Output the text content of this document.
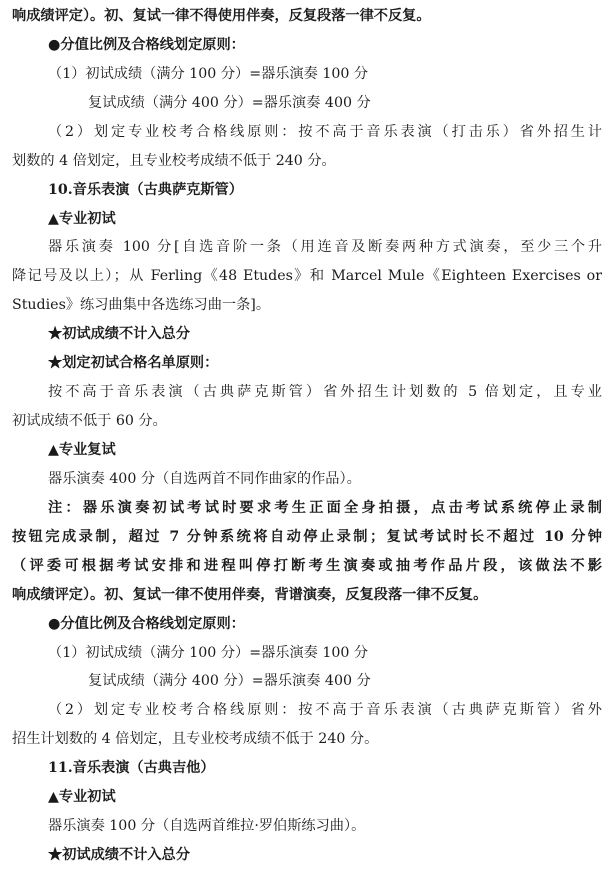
响成绩评定）。初、复试一律不得使用伴奏，反复段落一律不反复。
●分值比例及合格线划定原则：
（1）初试成绩（满分 100 分）=器乐演奏 100 分
复试成绩（满分 400 分）=器乐演奏 400 分
（2）划定专业校考合格线原则：按不高于音乐表演（打击乐）省外招生计
划数的 4 倍划定，且专业校考成绩不低于 240 分。
10.音乐表演（古典萨克斯管）
▲专业初试
器乐演奏 100 分[自选音阶一条（用连音及断奏两种方式演奏，至少三个升
降记号及以上）；从 Ferling《48 Etudes》和 Marcel Mule《Eighteen Exercises or
Studies》练习曲集中各选练习曲一条]。
★初试成绩不计入总分
★划定初试合格名单原则：
按不高于音乐表演（古典萨克斯管）省外招生计划数的 5 倍划定，且专业
初试成绩不低于 60 分。
▲专业复试
器乐演奏 400 分（自选两首不同作曲家的作品）。
注：器乐演奏初试考试时要求考生正面全身拍摄，点击考试系统停止录制
按钮完成录制，超过 7 分钟系统将自动停止录制；复试考试时长不超过 10 分钟
（评委可根据考试安排和进程叫停打断考生演奏或抽考作品片段，该做法不影
响成绩评定）。初、复试一律不使用伴奏，背谱演奏，反复段落一律不反复。
●分值比例及合格线划定原则：
（1）初试成绩（满分 100 分）=器乐演奏 100 分
复试成绩（满分 400 分）=器乐演奏 400 分
（2）划定专业校考合格线原则：按不高于音乐表演（古典萨克斯管）省外
招生计划数的 4 倍划定，且专业校考成绩不低于 240 分。
11.音乐表演（古典吉他）
▲专业初试
器乐演奏 100 分（自选两首维拉·罗伯斯练习曲）。
★初试成绩不计入总分
